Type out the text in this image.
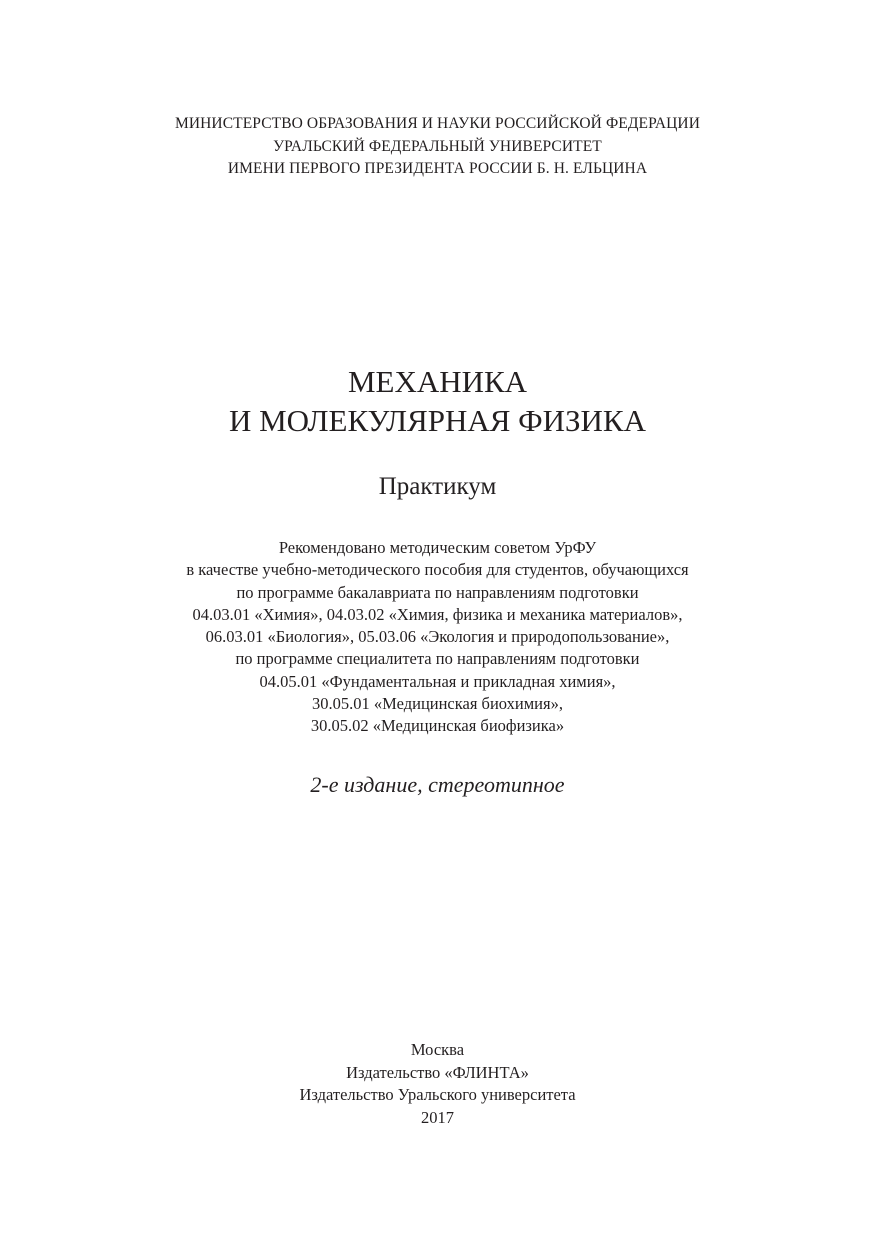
МИНИСТЕРСТВО ОБРАЗОВАНИЯ И НАУКИ РОССИЙСКОЙ ФЕДЕРАЦИИ
УРАЛЬСКИЙ ФЕДЕРАЛЬНЫЙ УНИВЕРСИТЕТ
ИМЕНИ ПЕРВОГО ПРЕЗИДЕНТА РОССИИ Б. Н. ЕЛЬЦИНА
МЕХАНИКА
И МОЛЕКУЛЯРНАЯ ФИЗИКА
Практикум
Рекомендовано методическим советом УрФУ
в качестве учебно-методического пособия для студентов, обучающихся
по программе бакалавриата по направлениям подготовки
04.03.01 «Химия», 04.03.02 «Химия, физика и механика материалов»,
06.03.01 «Биология», 05.03.06 «Экология и природопользование»,
по программе специалитета по направлениям подготовки
04.05.01 «Фундаментальная и прикладная химия»,
30.05.01 «Медицинская биохимия»,
30.05.02 «Медицинская биофизика»
2-е издание, стереотипное
Москва
Издательство «ФЛИНТА»
Издательство Уральского университета
2017
